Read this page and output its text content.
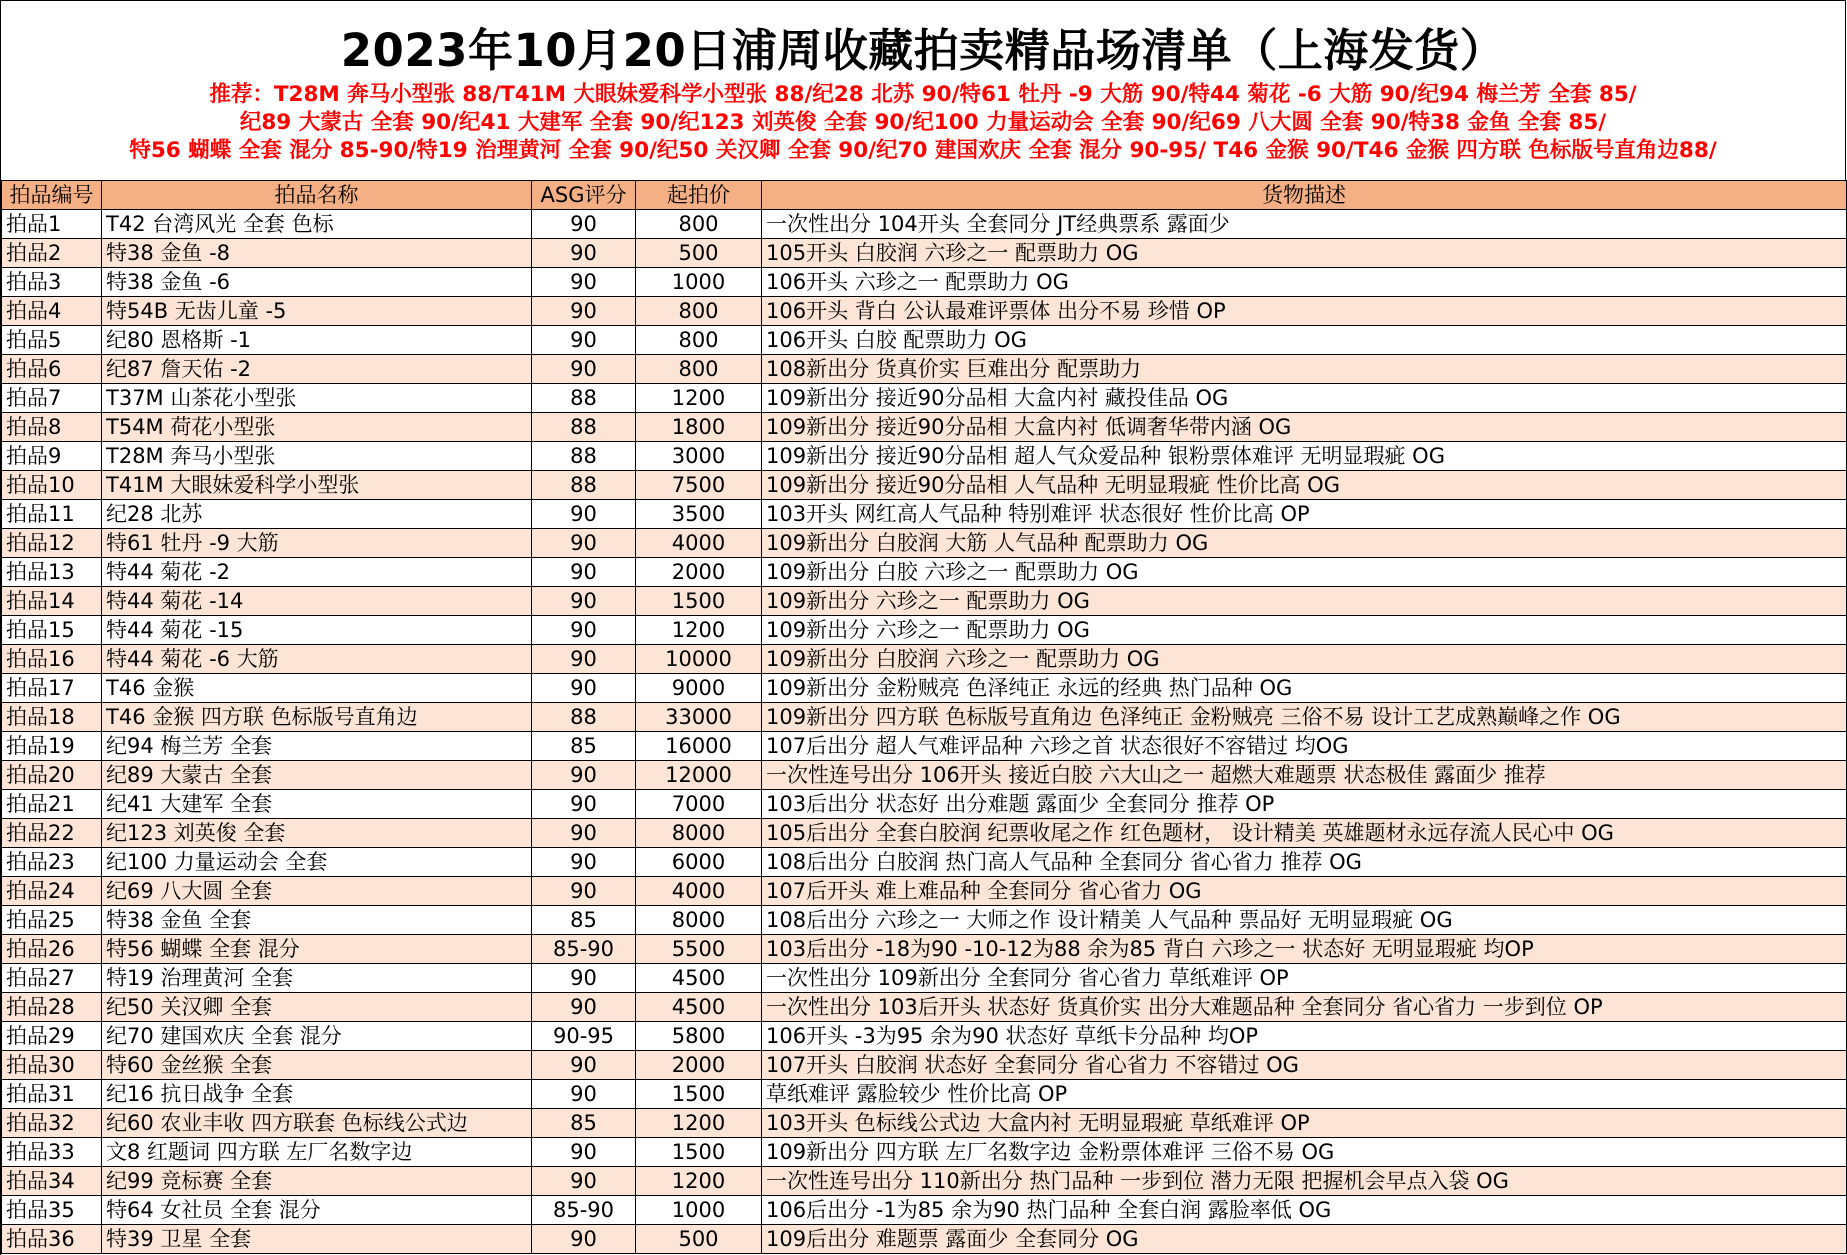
2023年10月20日浦周收藏拍卖精品场清单（上海发货）
推荐：T28M 奔马小型张 88/T41M 大眼妹爱科学小型张 88/纪28 北苏 90/特61 牡丹 -9 大筋 90/特44 菊花 -6 大筋 90/纪94 梅兰芳 全套 85/
纪89 大蒙古 全套 90/纪41 大建军 全套 90/纪123 刘英俊 全套 90/纪100 力量运动会 全套 90/纪69 八大圆 全套 90/特38 金鱼 全套 85/
特56 蝴蝶 全套 混分 85-90/特19 治理黄河 全套 90/纪50 关汉卿 全套 90/纪70 建国欢庆 全套 混分 90-95/ T46 金猴 90/T46 金猴 四方联 色标版号直角边88/
拍品编号	拍品名称	ASG评分	起拍价	货物描述
拍品1	T42 台湾风光 全套 色标	90	800	一次性出分 104开头 全套同分 JT经典票系 露面少
拍品2	特38 金鱼 -8	90	500	105开头 白胶润 六珍之一 配票助力 OG
拍品3	特38 金鱼 -6	90	1000	106开头 六珍之一 配票助力 OG
拍品4	特54B 无齿儿童 -5	90	800	106开头 背白 公认最难评票体 出分不易 珍惜 OP
拍品5	纪80 恩格斯 -1	90	800	106开头 白胶 配票助力 OG
拍品6	纪87 詹天佑 -2	90	800	108新出分 货真价实 巨难出分 配票助力
拍品7	T37M 山茶花小型张	88	1200	109新出分 接近90分品相 大盒内衬 藏投佳品 OG
拍品8	T54M 荷花小型张	88	1800	109新出分 接近90分品相 大盒内衬 低调奢华带内涵 OG
拍品9	T28M 奔马小型张	88	3000	109新出分 接近90分品相 超人气众爱品种 银粉票体难评 无明显瑕疵 OG
拍品10	T41M 大眼妹爱科学小型张	88	7500	109新出分 接近90分品相 人气品种 无明显瑕疵 性价比高 OG
拍品11	纪28 北苏	90	3500	103开头 网红高人气品种 特别难评 状态很好 性价比高 OP
拍品12	特61 牡丹 -9 大筋	90	4000	109新出分 白胶润 大筋 人气品种 配票助力 OG
拍品13	特44 菊花 -2	90	2000	109新出分 白胶 六珍之一 配票助力 OG
拍品14	特44 菊花 -14	90	1500	109新出分 六珍之一 配票助力 OG
拍品15	特44 菊花 -15	90	1200	109新出分 六珍之一 配票助力 OG
拍品16	特44 菊花 -6 大筋	90	10000	109新出分 白胶润 六珍之一 配票助力 OG
拍品17	T46 金猴	90	9000	109新出分 金粉贼亮 色泽纯正 永远的经典 热门品种 OG
拍品18	T46 金猴 四方联 色标版号直角边	88	33000	109新出分 四方联 色标版号直角边 色泽纯正 金粉贼亮 三俗不易 设计工艺成熟巅峰之作 OG
拍品19	纪94 梅兰芳 全套	85	16000	107后出分 超人气难评品种 六珍之首 状态很好不容错过 均OG
拍品20	纪89 大蒙古 全套	90	12000	一次性连号出分 106开头 接近白胶 六大山之一 超燃大难题票 状态极佳 露面少 推荐
拍品21	纪41 大建军 全套	90	7000	103后出分 状态好 出分难题 露面少 全套同分 推荐 OP
拍品22	纪123 刘英俊 全套	90	8000	105后出分 全套白胶润 纪票收尾之作 红色题材， 设计精美 英雄题材永远存流人民心中 OG
拍品23	纪100 力量运动会 全套	90	6000	108后出分 白胶润 热门高人气品种 全套同分 省心省力 推荐 OG
拍品24	纪69 八大圆 全套	90	4000	107后开头 难上难品种 全套同分 省心省力 OG
拍品25	特38 金鱼 全套	85	8000	108后出分 六珍之一 大师之作 设计精美 人气品种 票品好 无明显瑕疵 OG
拍品26	特56 蝴蝶 全套 混分	85-90	5500	103后出分 -18为90 -10-12为88 余为85 背白 六珍之一 状态好 无明显瑕疵 均OP
拍品27	特19 治理黄河 全套	90	4500	一次性出分 109新出分 全套同分 省心省力 草纸难评 OP
拍品28	纪50 关汉卿 全套	90	4500	一次性出分 103后开头 状态好 货真价实 出分大难题品种 全套同分 省心省力 一步到位 OP
拍品29	纪70 建国欢庆 全套 混分	90-95	5800	106开头 -3为95 余为90 状态好 草纸卡分品种 均OP
拍品30	特60 金丝猴 全套	90	2000	107开头 白胶润 状态好 全套同分 省心省力 不容错过 OG
拍品31	纪16 抗日战争 全套	90	1500	草纸难评 露脸较少 性价比高 OP
拍品32	纪60 农业丰收 四方联套 色标线公式边	85	1200	103开头 色标线公式边 大盒内衬 无明显瑕疵 草纸难评 OP
拍品33	文8 红题词 四方联 左厂名数字边	90	1500	109新出分 四方联 左厂名数字边 金粉票体难评 三俗不易 OG
拍品34	纪99 竞标赛 全套	90	1200	一次性连号出分 110新出分 热门品种 一步到位 潜力无限 把握机会早点入袋 OG
拍品35	特64 女社员 全套 混分	85-90	1000	106后出分 -1为85 余为90 热门品种 全套白润 露脸率低 OG
拍品36	特39 卫星 全套	90	500	109后出分 难题票 露面少 全套同分 OG
